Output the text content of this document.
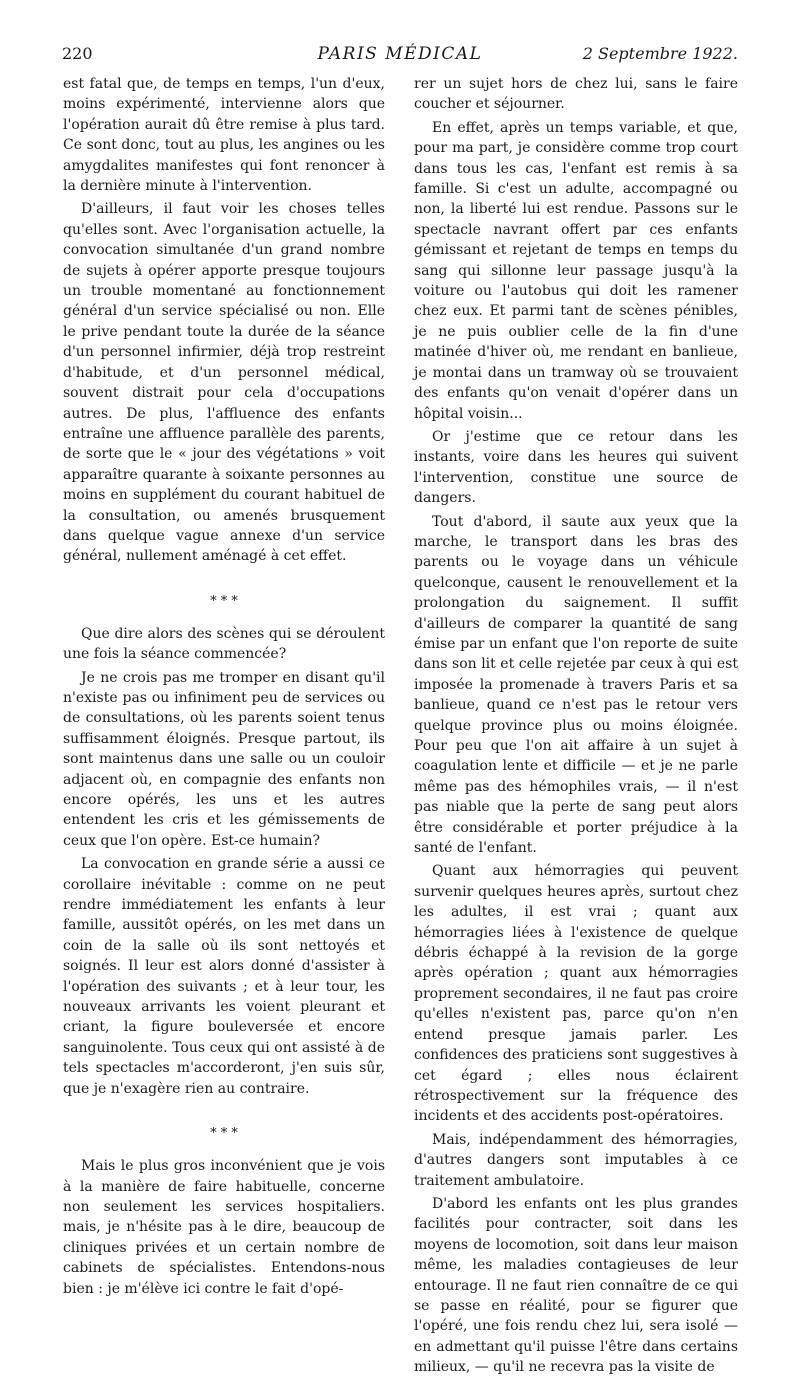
220	PARIS MÉDICAL	2 Septembre 1922.

est fatal que, de temps en temps, l'un d'eux, moins expérimenté, intervienne alors que l'opération aurait dû être remise à plus tard. Ce sont donc, tout au plus, les angines ou les amygdalites manifestes qui font renoncer à la dernière minute à l'intervention.

D'ailleurs, il faut voir les choses telles qu'elles sont. Avec l'organisation actuelle, la convocation simultanée d'un grand nombre de sujets à opérer apporte presque toujours un trouble momentané au fonctionnement général d'un service spécialisé ou non. Elle le prive pendant toute la durée de la séance d'un personnel infirmier, déjà trop restreint d'habitude, et d'un personnel médical, souvent distrait pour cela d'occupations autres. De plus, l'affluence des enfants entraîne une affluence parallèle des parents, de sorte que le « jour des végétations » voit apparaître quarante à soixante personnes au moins en supplément du courant habituel de la consultation, ou amenés brusquement dans quelque vague annexe d'un service général, nullement aménagé à cet effet.

* * *

Que dire alors des scènes qui se déroulent une fois la séance commencée?

Je ne crois pas me tromper en disant qu'il n'existe pas ou infiniment peu de services ou de consultations, où les parents soient tenus suffisamment éloignés. Presque partout, ils sont maintenus dans une salle ou un couloir adjacent où, en compagnie des enfants non encore opérés, les uns et les autres entendent les cris et les gémissements de ceux que l'on opère. Est-ce humain?

La convocation en grande série a aussi ce corollaire inévitable : comme on ne peut rendre immédiatement les enfants à leur famille, aussitôt opérés, on les met dans un coin de la salle où ils sont nettoyés et soignés. Il leur est alors donné d'assister à l'opération des suivants ; et à leur tour, les nouveaux arrivants les voient pleurant et criant, la figure bouleversée et encore sanguinolente. Tous ceux qui ont assisté à de tels spectacles m'accorderont, j'en suis sûr, que je n'exagère rien au contraire.

* * *

Mais le plus gros inconvénient que je vois à la manière de faire habituelle, concerne non seulement les services hospitaliers. mais, je n'hésite pas à le dire, beaucoup de cliniques privées et un certain nombre de cabinets de spécialistes. Entendons-nous bien : je m'élève ici contre le fait d'opé-

rer un sujet hors de chez lui, sans le faire coucher et séjourner.

En effet, après un temps variable, et que, pour ma part, je considère comme trop court dans tous les cas, l'enfant est remis à sa famille. Si c'est un adulte, accompagné ou non, la liberté lui est rendue. Passons sur le spectacle navrant offert par ces enfants gémissant et rejetant de temps en temps du sang qui sillonne leur passage jusqu'à la voiture ou l'autobus qui doit les ramener chez eux. Et parmi tant de scènes pénibles, je ne puis oublier celle de la fin d'une matinée d'hiver où, me rendant en banlieue, je montai dans un tramway où se trouvaient des enfants qu'on venait d'opérer dans un hôpital voisin...

Or j'estime que ce retour dans les instants, voire dans les heures qui suivent l'intervention, constitue une source de dangers.

Tout d'abord, il saute aux yeux que la marche, le transport dans les bras des parents ou le voyage dans un véhicule quelconque, causent le renouvellement et la prolongation du saignement. Il suffit d'ailleurs de comparer la quantité de sang émise par un enfant que l'on reporte de suite dans son lit et celle rejetée par ceux à qui est imposée la promenade à travers Paris et sa banlieue, quand ce n'est pas le retour vers quelque province plus ou moins éloignée. Pour peu que l'on ait affaire à un sujet à coagulation lente et difficile — et je ne parle même pas des hémophiles vrais, — il n'est pas niable que la perte de sang peut alors être considérable et porter préjudice à la santé de l'enfant.

Quant aux hémorragies qui peuvent survenir quelques heures après, surtout chez les adultes, il est vrai ; quant aux hémorragies liées à l'existence de quelque débris échappé à la revision de la gorge après opération ; quant aux hémorragies proprement secondaires, il ne faut pas croire qu'elles n'existent pas, parce qu'on n'en entend presque jamais parler. Les confidences des praticiens sont suggestives à cet égard ; elles nous éclairent rétrospectivement sur la fréquence des incidents et des accidents post-opératoires.

Mais, indépendamment des hémorragies, d'autres dangers sont imputables à ce traitement ambulatoire.

D'abord les enfants ont les plus grandes facilités pour contracter, soit dans les moyens de locomotion, soit dans leur maison même, les maladies contagieuses de leur entourage. Il ne faut rien connaître de ce qui se passe en réalité, pour se figurer que l'opéré, une fois rendu chez lui, sera isolé — en admettant qu'il puisse l'être dans certains milieux, — qu'il ne recevra pas la visite de
